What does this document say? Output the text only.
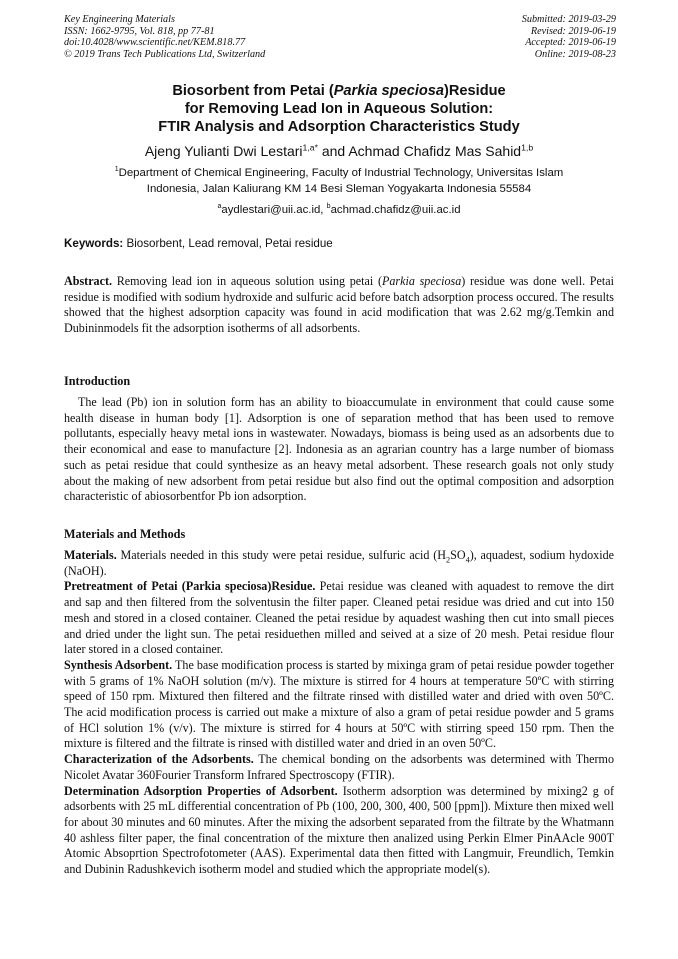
Key Engineering Materials
ISSN: 1662-9795, Vol. 818, pp 77-81
doi:10.4028/www.scientific.net/KEM.818.77
© 2019 Trans Tech Publications Ltd, Switzerland
Submitted: 2019-03-29
Revised: 2019-06-19
Accepted: 2019-06-19
Online: 2019-08-23
Biosorbent from Petai (Parkia speciosa)Residue
for Removing Lead Ion in Aqueous Solution:
FTIR Analysis and Adsorption Characteristics Study
Ajeng Yulianti Dwi Lestari$^{1,a*}$ and Achmad Chafidz Mas Sahid$^{1,b}$
$^1$Department of Chemical Engineering, Faculty of Industrial Technology, Universitas Islam
Indonesia, Jalan Kaliurang KM 14 Besi Sleman Yogyakarta Indonesia 55584
$^a$aydlestari@uii.ac.id, $^b$achmad.chafidz@uii.ac.id
Keywords: Biosorbent, Lead removal, Petai residue

Abstract. Removing lead ion in aqueous solution using petai (Parkia speciosa) residue was done well. Petai residue is modified with sodium hydroxide and sulfuric acid before batch adsorption process occured. The results showed that the highest adsorption capacity was found in acid modification that was 2.62 mg/g.Temkin and Dubininmodels fit the adsorption isotherms of all adsorbents.

Introduction

The lead (Pb) ion in solution form has an ability to bioaccumulate in environment that could cause some health disease in human body [1]. Adsorption is one of separation method that has been used to remove pollutants, especially heavy metal ions in wastewater. Nowadays, biomass is being used as an adsorbents due to their economical and ease to manufacture [2]. Indonesia as an agrarian country has a large number of biomass such as petai residue that could synthesize as an heavy metal adsorbent. These research goals not only study about the making of new adsorbent from petai residue but also find out the optimal composition and adsorption characteristic of abiosorbentfor Pb ion adsorption.

Materials and Methods

Materials. Materials needed in this study were petai residue, sulfuric acid $(H_2SO_4)$, aquadest, sodium hydoxide (NaOH).

Pretreatment of Petai (Parkia speciosa)Residue. Petai residue was cleaned with aquadest to remove the dirt and sap and then filtered from the solventusin the filter paper. Cleaned petai residue was dried and cut into 150 mesh and stored in a closed container. Cleaned the petai residue by aquadest washing then cut into small pieces and dried under the light sun. The petai residuethen milled and seived at a size of 20 mesh. Petai residue flour later stored in a closed container.

Synthesis Adsorbent. The base modification process is started by mixinga gram of petai residue powder together with 5 grams of 1% NaOH solution (m/v). The mixture is stirred for 4 hours at temperature 50ºC with stirring speed of 150 rpm. Mixtured then filtered and the filtrate rinsed with distilled water and dried with oven 50ºC. The acid modification process is carried out make a mixture of also a gram of petai residue powder and 5 grams of HCl solution 1% (v/v). The mixture is stirred for 4 hours at 50ºC with stirring speed 150 rpm. Then the mixture is filtered and the filtrate is rinsed with distilled water and dried in an oven 50ºC.

Characterization of the Adsorbents. The chemical bonding on the adsorbents was determined with Thermo Nicolet Avatar 360Fourier Transform Infrared Spectroscopy (FTIR).

Determination Adsorption Properties of Adsorbent. Isotherm adsorption was determined by mixing2 g of adsorbents with 25 mL differential concentration of Pb (100, 200, 300, 400, 500 [ppm]). Mixture then mixed well for about 30 minutes and 60 minutes. After the mixing the adsorbent separated from the filtrate by the Whatmann 40 ashless filter paper, the final concentration of the mixture then analized using Perkin Elmer PinAAcle 900T Atomic Absoprtion Spectrofotometer (AAS). Experimental data then fitted with Langmuir, Freundlich, Temkin and Dubinin Radushkevich isotherm model and studied which the appropriate model(s).
